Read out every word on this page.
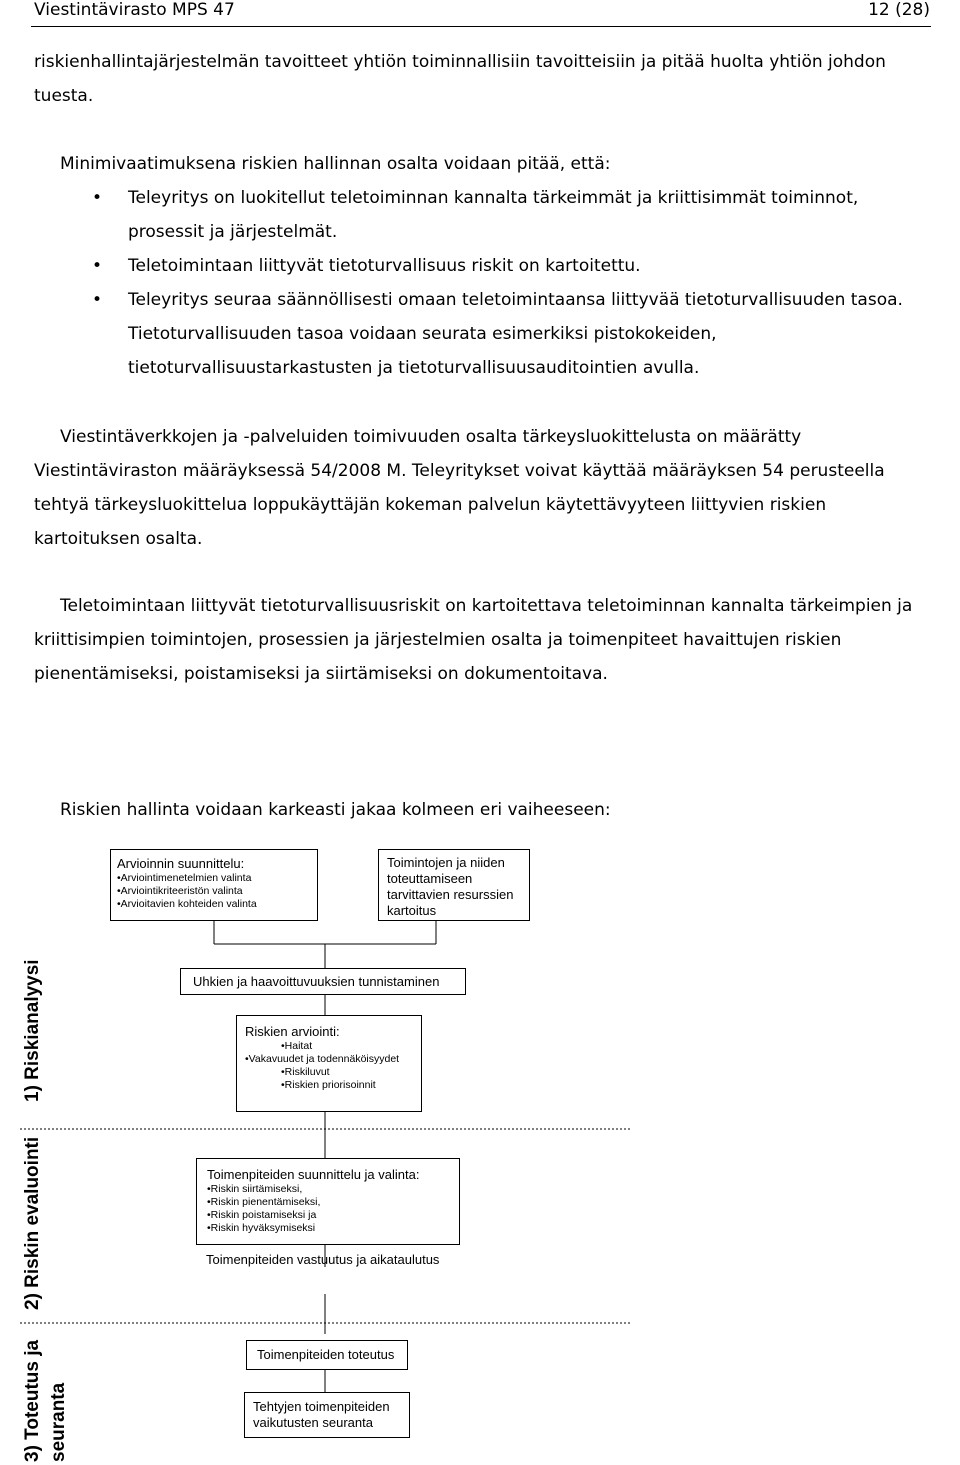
Viestintävirasto MPS 47	12 (28)

riskienhallintajärjestelmän tavoitteet yhtiön toiminnallisiin tavoitteisiin ja pitää huolta yhtiön johdon tuesta.

Minimivaatimuksena riskien hallinnan osalta voidaan pitää, että:

• Teleyritys on luokitellut teletoiminnan kannalta tärkeimmät ja kriittisimmät toiminnot, prosessit ja järjestelmät.
• Teletoimintaan liittyvät tietoturvallisuus riskit on kartoitettu.
• Teleyritys seuraa säännöllisesti omaan teletoimintaansa liittyvää tietoturvallisuuden tasoa. Tietoturvallisuuden tasoa voidaan seurata esimerkiksi pistokokeiden, tietoturvallisuustarkastusten ja tietoturvallisuusauditointien avulla.

Viestintäverkkojen ja -palveluiden toimivuuden osalta tärkeysluokittelusta on määrätty Viestintäviraston määräyksessä 54/2008 M. Teleyritykset voivat käyttää määräyksen 54 perusteella tehtyä tärkeysluokittelua loppukäyttäjän kokeman palvelun käytettävyyteen liittyvien riskien kartoituksen osalta.

Teletoimintaan liittyvät tietoturvallisuusriskit on kartoitettava teletoiminnan kannalta tärkeimpien ja kriittisimpien toimintojen, prosessien ja järjestelmien osalta ja toimenpiteet havaittujen riskien pienentämiseksi, poistamiseksi ja siirtämiseksi on dokumentoitava.

Riskien hallinta voidaan karkeasti jakaa kolmeen eri vaiheeseen:

Arvioinnin suunnittelu:
•Arviointimenetelmien valinta
•Arviointikriteeristön valinta
•Arvioitavien kohteiden valinta
Toimintojen ja niiden
toteuttamiseen
tarvittavien resurssien
kartoitus
Uhkien ja haavoittuvuuksien tunnistaminen
Riskien arviointi:
•Haitat
•Vakavuudet ja todennäköisyydet
•Riskiluvut
•Riskien priorisoinnit
Toimenpiteiden suunnittelu ja valinta:
•Riskin siirtämiseksi,
•Riskin pienentämiseksi,
•Riskin poistamiseksi ja
•Riskin hyväksymiseksi
Toimenpiteiden vastuutus ja aikataulutus
Toimenpiteiden toteutus
Tehtyjen toimenpiteiden
vaikutusten seuranta
1) Riskianalyysi
2) Riskin evaluointi
3) Toteutus ja seuranta
